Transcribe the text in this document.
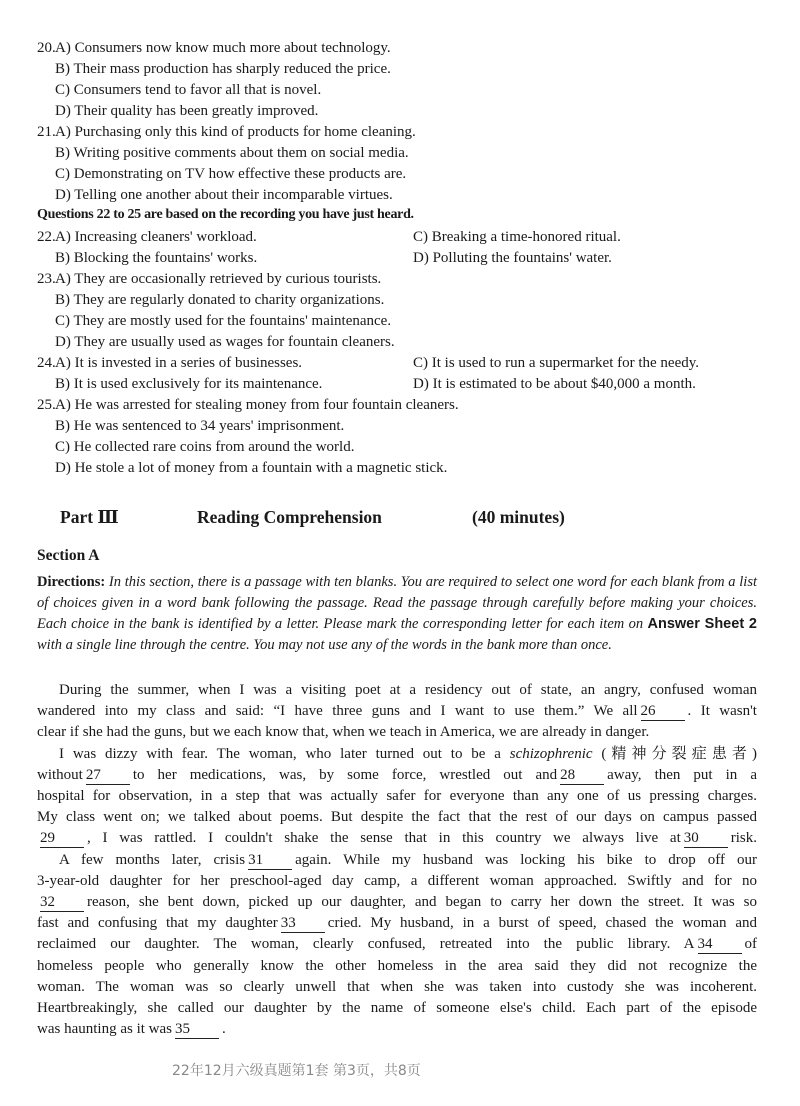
20. A) Consumers now know much more about technology.
B) Their mass production has sharply reduced the price.
C) Consumers tend to favor all that is novel.
D) Their quality has been greatly improved.
21. A) Purchasing only this kind of products for home cleaning.
B) Writing positive comments about them on social media.
C) Demonstrating on TV how effective these products are.
D) Telling one another about their incomparable virtues.
Questions 22 to 25 are based on the recording you have just heard.
22. A) Increasing cleaners' workload.	C) Breaking a time-honored ritual.
B) Blocking the fountains' works.	D) Polluting the fountains' water.
23. A) They are occasionally retrieved by curious tourists.
B) They are regularly donated to charity organizations.
C) They are mostly used for the fountains' maintenance.
D) They are usually used as wages for fountain cleaners.
24. A) It is invested in a series of businesses.	C) It is used to run a supermarket for the needy.
B) It is used exclusively for its maintenance.	D) It is estimated to be about $40,000 a month.
25. A) He was arrested for stealing money from four fountain cleaners.
B) He was sentenced to 34 years' imprisonment.
C) He collected rare coins from around the world.
D) He stole a lot of money from a fountain with a magnetic stick.
Part Ⅲ	Reading Comprehension	(40 minutes)
Section A
Directions: In this section, there is a passage with ten blanks. You are required to select one word for each blank from a list of choices given in a word bank following the passage. Read the passage through carefully before making your choices. Each choice in the bank is identified by a letter. Please mark the corresponding letter for each item on Answer Sheet 2 with a single line through the centre. You may not use any of the words in the bank more than once.
During the summer, when I was a visiting poet at a residency out of state, an angry, confused woman
wandered into my class and said: “I have three guns and I want to use them.” We all 26 . It wasn't
clear if she had the guns, but we each know that, when we teach in America, we are already in danger.
I was dizzy with fear. The woman, who later turned out to be a schizophrenic (精神分裂症患者)
without 27 to her medications, was, by some force, wrestled out and 28 away, then put in a
hospital for observation, in a step that was actually safer for everyone than any one of us pressing charges.
My class went on; we talked about poems. But despite the fact that the rest of our days on campus passed
29 , I was rattled. I couldn't shake the sense that in this country we always live at 30 risk.
A few months later, crisis 31 again. While my husband was locking his bike to drop off our
3-year-old daughter for her preschool-aged day camp, a different woman approached. Swiftly and for no
32 reason, she bent down, picked up our daughter, and began to carry her down the street. It was so
fast and confusing that my daughter 33 cried. My husband, in a burst of speed, chased the woman and
reclaimed our daughter. The woman, clearly confused, retreated into the public library. A 34 of
homeless people who generally know the other homeless in the area said they did not recognize the
woman. The woman was so clearly unwell that when she was taken into custody she was incoherent.
Heartbreakingly, she called our daughter by the name of someone else's child. Each part of the episode
was haunting as it was 35 .
22年12月六级真题第1套 第3页，共8页
